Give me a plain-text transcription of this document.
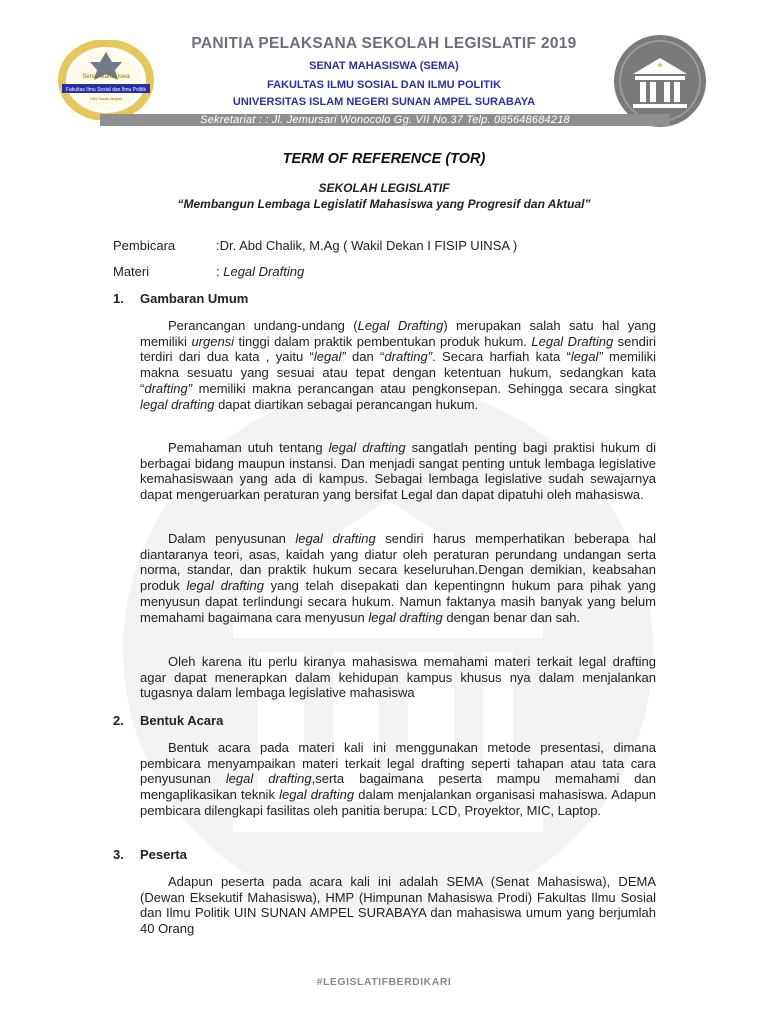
Senat Mahasiswa
Fakultas Ilmu Sosial dan Ilmu Politik
UIN Sunan Ampel
PANITIA PELAKSANA SEKOLAH LEGISLATIF 2019
SENAT MAHASISWA (SEMA)
FAKULTAS ILMU SOSIAL DAN ILMU POLITIK
UNIVERSITAS ISLAM NEGERI SUNAN AMPEL SURABAYA
Sekretariat : : Jl. Jemursari Wonocolo Gg. VII No.37 Telp. 085648684218
TERM OF REFERENCE (TOR)
SEKOLAH LEGISLATIF
“Membangun Lembaga Legislatif Mahasiswa yang Progresif dan Aktual”
Pembicara	:Dr. Abd Chalik, M.Ag ( Wakil Dekan I FISIP UINSA )
Materi	: Legal Drafting
1. Gambaran Umum

Perancangan undang-undang (Legal Drafting) merupakan salah satu hal yang memiliki urgensi tinggi dalam praktik pembentukan produk hukum. Legal Drafting sendiri terdiri dari dua kata , yaitu “legal” dan “drafting”. Secara harfiah kata “legal” memiliki makna sesuatu yang sesuai atau tepat dengan ketentuan hukum, sedangkan kata “drafting” memiliki makna perancangan atau pengkonsepan. Sehingga secara singkat legal drafting dapat diartikan sebagai perancangan hukum.

Pemahaman utuh tentang legal drafting sangatlah penting bagi praktisi hukum di berbagai bidang maupun instansi. Dan menjadi sangat penting untuk lembaga legislative kemahasiswaan yang ada di kampus. Sebagai lembaga legislative sudah sewajarnya dapat mengeruarkan peraturan yang bersifat Legal dan dapat dipatuhi oleh mahasiswa.

Dalam penyusunan legal drafting sendiri harus memperhatikan beberapa hal diantaranya teori, asas, kaidah yang diatur oleh peraturan perundang undangan serta norma, standar, dan praktik hukum secara keseluruhan.Dengan demikian, keabsahan produk legal drafting yang telah disepakati dan kepentingnn hukum para pihak yang menyusun dapat terlindungi secara hukum. Namun faktanya masih banyak yang belum memahami bagaimana cara menyusun legal drafting dengan benar dan sah.

Oleh karena itu perlu kiranya mahasiswa memahami materi terkait legal drafting agar dapat menerapkan dalam kehidupan kampus khusus nya dalam menjalankan tugasnya dalam lembaga legislative mahasiswa

2. Bentuk Acara

Bentuk acara pada materi kali ini menggunakan metode presentasi, dimana pembicara menyampaikan materi terkait legal drafting seperti tahapan atau tata cara penyusunan legal drafting,serta bagaimana peserta mampu memahami dan mengaplikasikan teknik legal drafting dalam menjalankan organisasi mahasiswa. Adapun pembicara dilengkapi fasilitas oleh panitia berupa: LCD, Proyektor, MIC, Laptop.

3. Peserta

Adapun peserta pada acara kali ini adalah SEMA (Senat Mahasiswa), DEMA (Dewan Eksekutif Mahasiswa), HMP (Himpunan Mahasiswa Prodi) Fakultas Ilmu Sosial dan Ilmu Politik UIN SUNAN AMPEL SURABAYA dan mahasiswa umum yang berjumlah 40 Orang

#LEGISLATIFBERDIKARI
